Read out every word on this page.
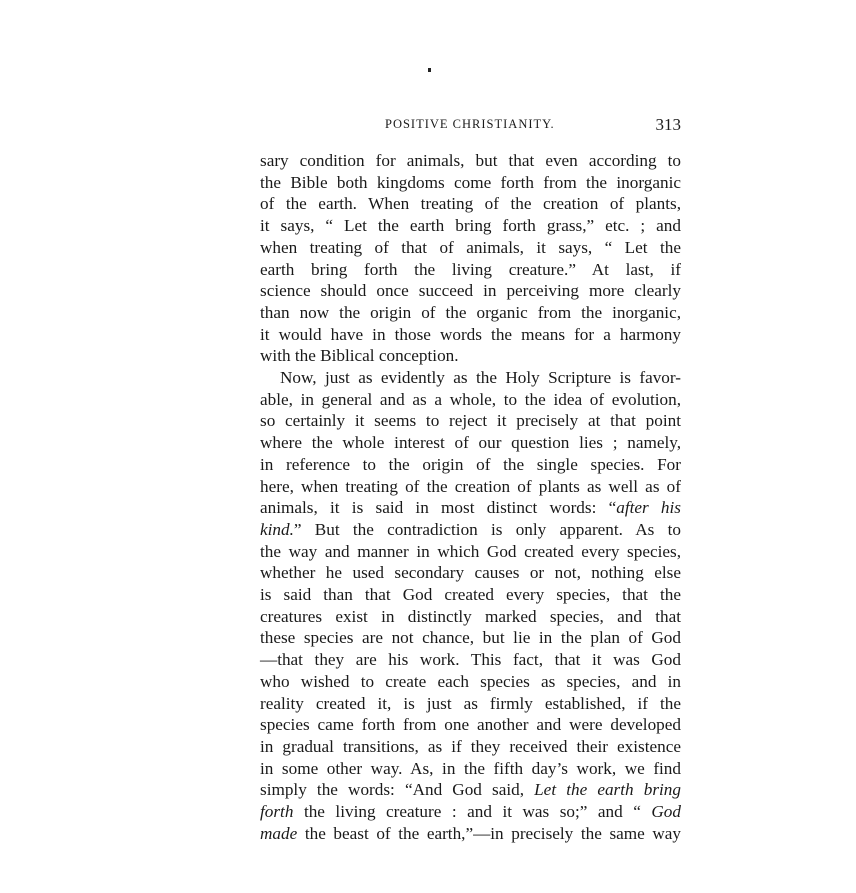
POSITIVE CHRISTIANITY.	313
sary condition for animals, but that even according to
the Bible both kingdoms come forth from the inorganic
of the earth. When treating of the creation of plants,
it says, “ Let the earth bring forth grass,” etc. ; and
when treating of that of animals, it says, “ Let the
earth bring forth the living creature.” At last, if
science should once succeed in perceiving more clearly
than now the origin of the organic from the inorganic,
it would have in those words the means for a harmony
with the Biblical conception.
Now, just as evidently as the Holy Scripture is favor-
able, in general and as a whole, to the idea of evolution,
so certainly it seems to reject it precisely at that point
where the whole interest of our question lies ; namely,
in reference to the origin of the single species. For
here, when treating of the creation of plants as well as of
animals, it is said in most distinct words: “after his
kind.” But the contradiction is only apparent. As to
the way and manner in which God created every species,
whether he used secondary causes or not, nothing else
is said than that God created every species, that the
creatures exist in distinctly marked species, and that
these species are not chance, but lie in the plan of God
—that they are his work. This fact, that it was God
who wished to create each species as species, and in
reality created it, is just as firmly established, if the
species came forth from one another and were developed
in gradual transitions, as if they received their existence
in some other way. As, in the fifth day’s work, we find
simply the words: “And God said, Let the earth bring
forth the living creature : and it was so;” and “ God
made the beast of the earth,”—in precisely the same way
